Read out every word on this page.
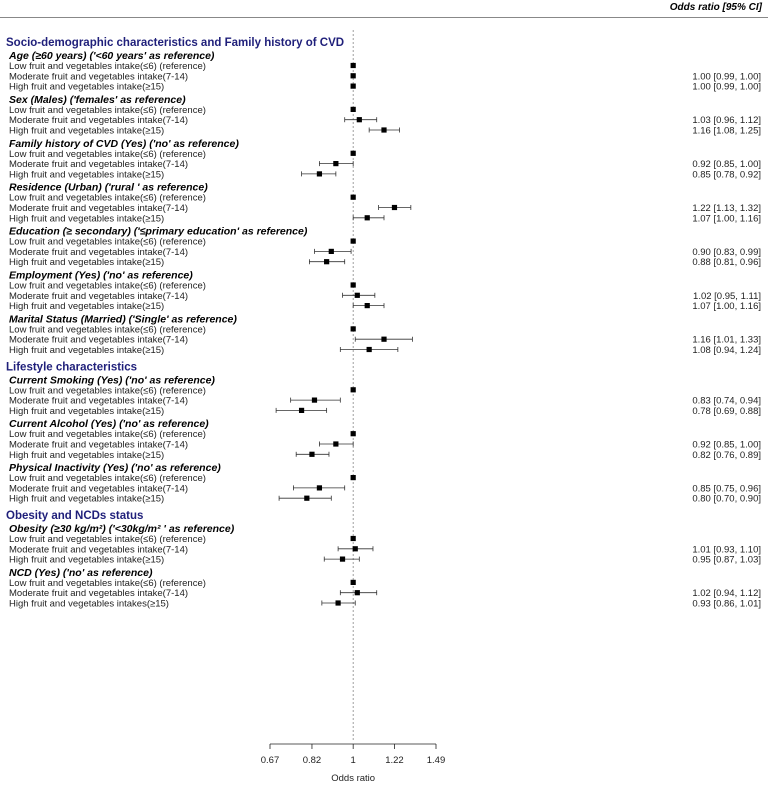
Odds ratio [95% CI]
Socio-demographic characteristics and Family history of CVD
Age (≥60 years) ('<60 years' as reference)
Low fruit and vegetables intake(≤6) (reference)
Moderate fruit and vegetables intake(7-14)	1.00 [0.99, 1.00]
High fruit and vegetables intake(≥15)	1.00 [0.99, 1.00]
Sex (Males) ('females' as reference)
Low fruit and vegetables intake(≤6) (reference)
Moderate fruit and vegetables intake(7-14)	1.03 [0.96, 1.12]
High fruit and vegetables intake(≥15)	1.16 [1.08, 1.25]
Family history of CVD (Yes) ('no' as reference)
Low fruit and vegetables intake(≤6) (reference)
Moderate fruit and vegetables intake(7-14)	0.92 [0.85, 1.00]
High fruit and vegetables intake(≥15)	0.85 [0.78, 0.92]
Residence (Urban) ('rural ' as reference)
Low fruit and vegetables intake(≤6) (reference)
Moderate fruit and vegetables intake(7-14)	1.22 [1.13, 1.32]
High fruit and vegetables intake(≥15)	1.07 [1.00, 1.16]
Education (≥ secondary) ('≤primary education' as reference)
Low fruit and vegetables intake(≤6) (reference)
Moderate fruit and vegetables intake(7-14)	0.90 [0.83, 0.99]
High fruit and vegetables intake(≥15)	0.88 [0.81, 0.96]
Employment (Yes) ('no' as reference)
Low fruit and vegetables intake(≤6) (reference)
Moderate fruit and vegetables intake(7-14)	1.02 [0.95, 1.11]
High fruit and vegetables intake(≥15)	1.07 [1.00, 1.16]
Marital Status (Married) ('Single' as reference)
Low fruit and vegetables intake(≤6) (reference)
Moderate fruit and vegetables intake(7-14)	1.16 [1.01, 1.33]
High fruit and vegetables intake(≥15)	1.08 [0.94, 1.24]
Lifestyle characteristics
Current Smoking (Yes) ('no' as reference)
Low fruit and vegetables intake(≤6) (reference)
Moderate fruit and vegetables intake(7-14)	0.83 [0.74, 0.94]
High fruit and vegetables intake(≥15)	0.78 [0.69, 0.88]
Current Alcohol (Yes) ('no' as reference)
Low fruit and vegetables intake(≤6) (reference)
Moderate fruit and vegetables intake(7-14)	0.92 [0.85, 1.00]
High fruit and vegetables intake(≥15)	0.82 [0.76, 0.89]
Physical Inactivity (Yes) ('no' as reference)
Low fruit and vegetables intake(≤6) (reference)
Moderate fruit and vegetables intake(7-14)	0.85 [0.75, 0.96]
High fruit and vegetables intake(≥15)	0.80 [0.70, 0.90]
Obesity and NCDs status
Obesity (≥30 kg/m²) ('<30kg/m² ' as reference)
Low fruit and vegetables intake(≤6) (reference)
Moderate fruit and vegetables intake(7-14)	1.01 [0.93, 1.10]
High fruit and vegetables intake(≥15)	0.95 [0.87, 1.03]
NCD (Yes) ('no' as reference)
Low fruit and vegetables intake(≤6) (reference)
Moderate fruit and vegetables intake(7-14)	1.02 [0.94, 1.12]
High fruit and vegetables intakes(≥15)	0.93 [0.86, 1.01]
0.67 0.82	1	1.22 1.49
Odds ratio
